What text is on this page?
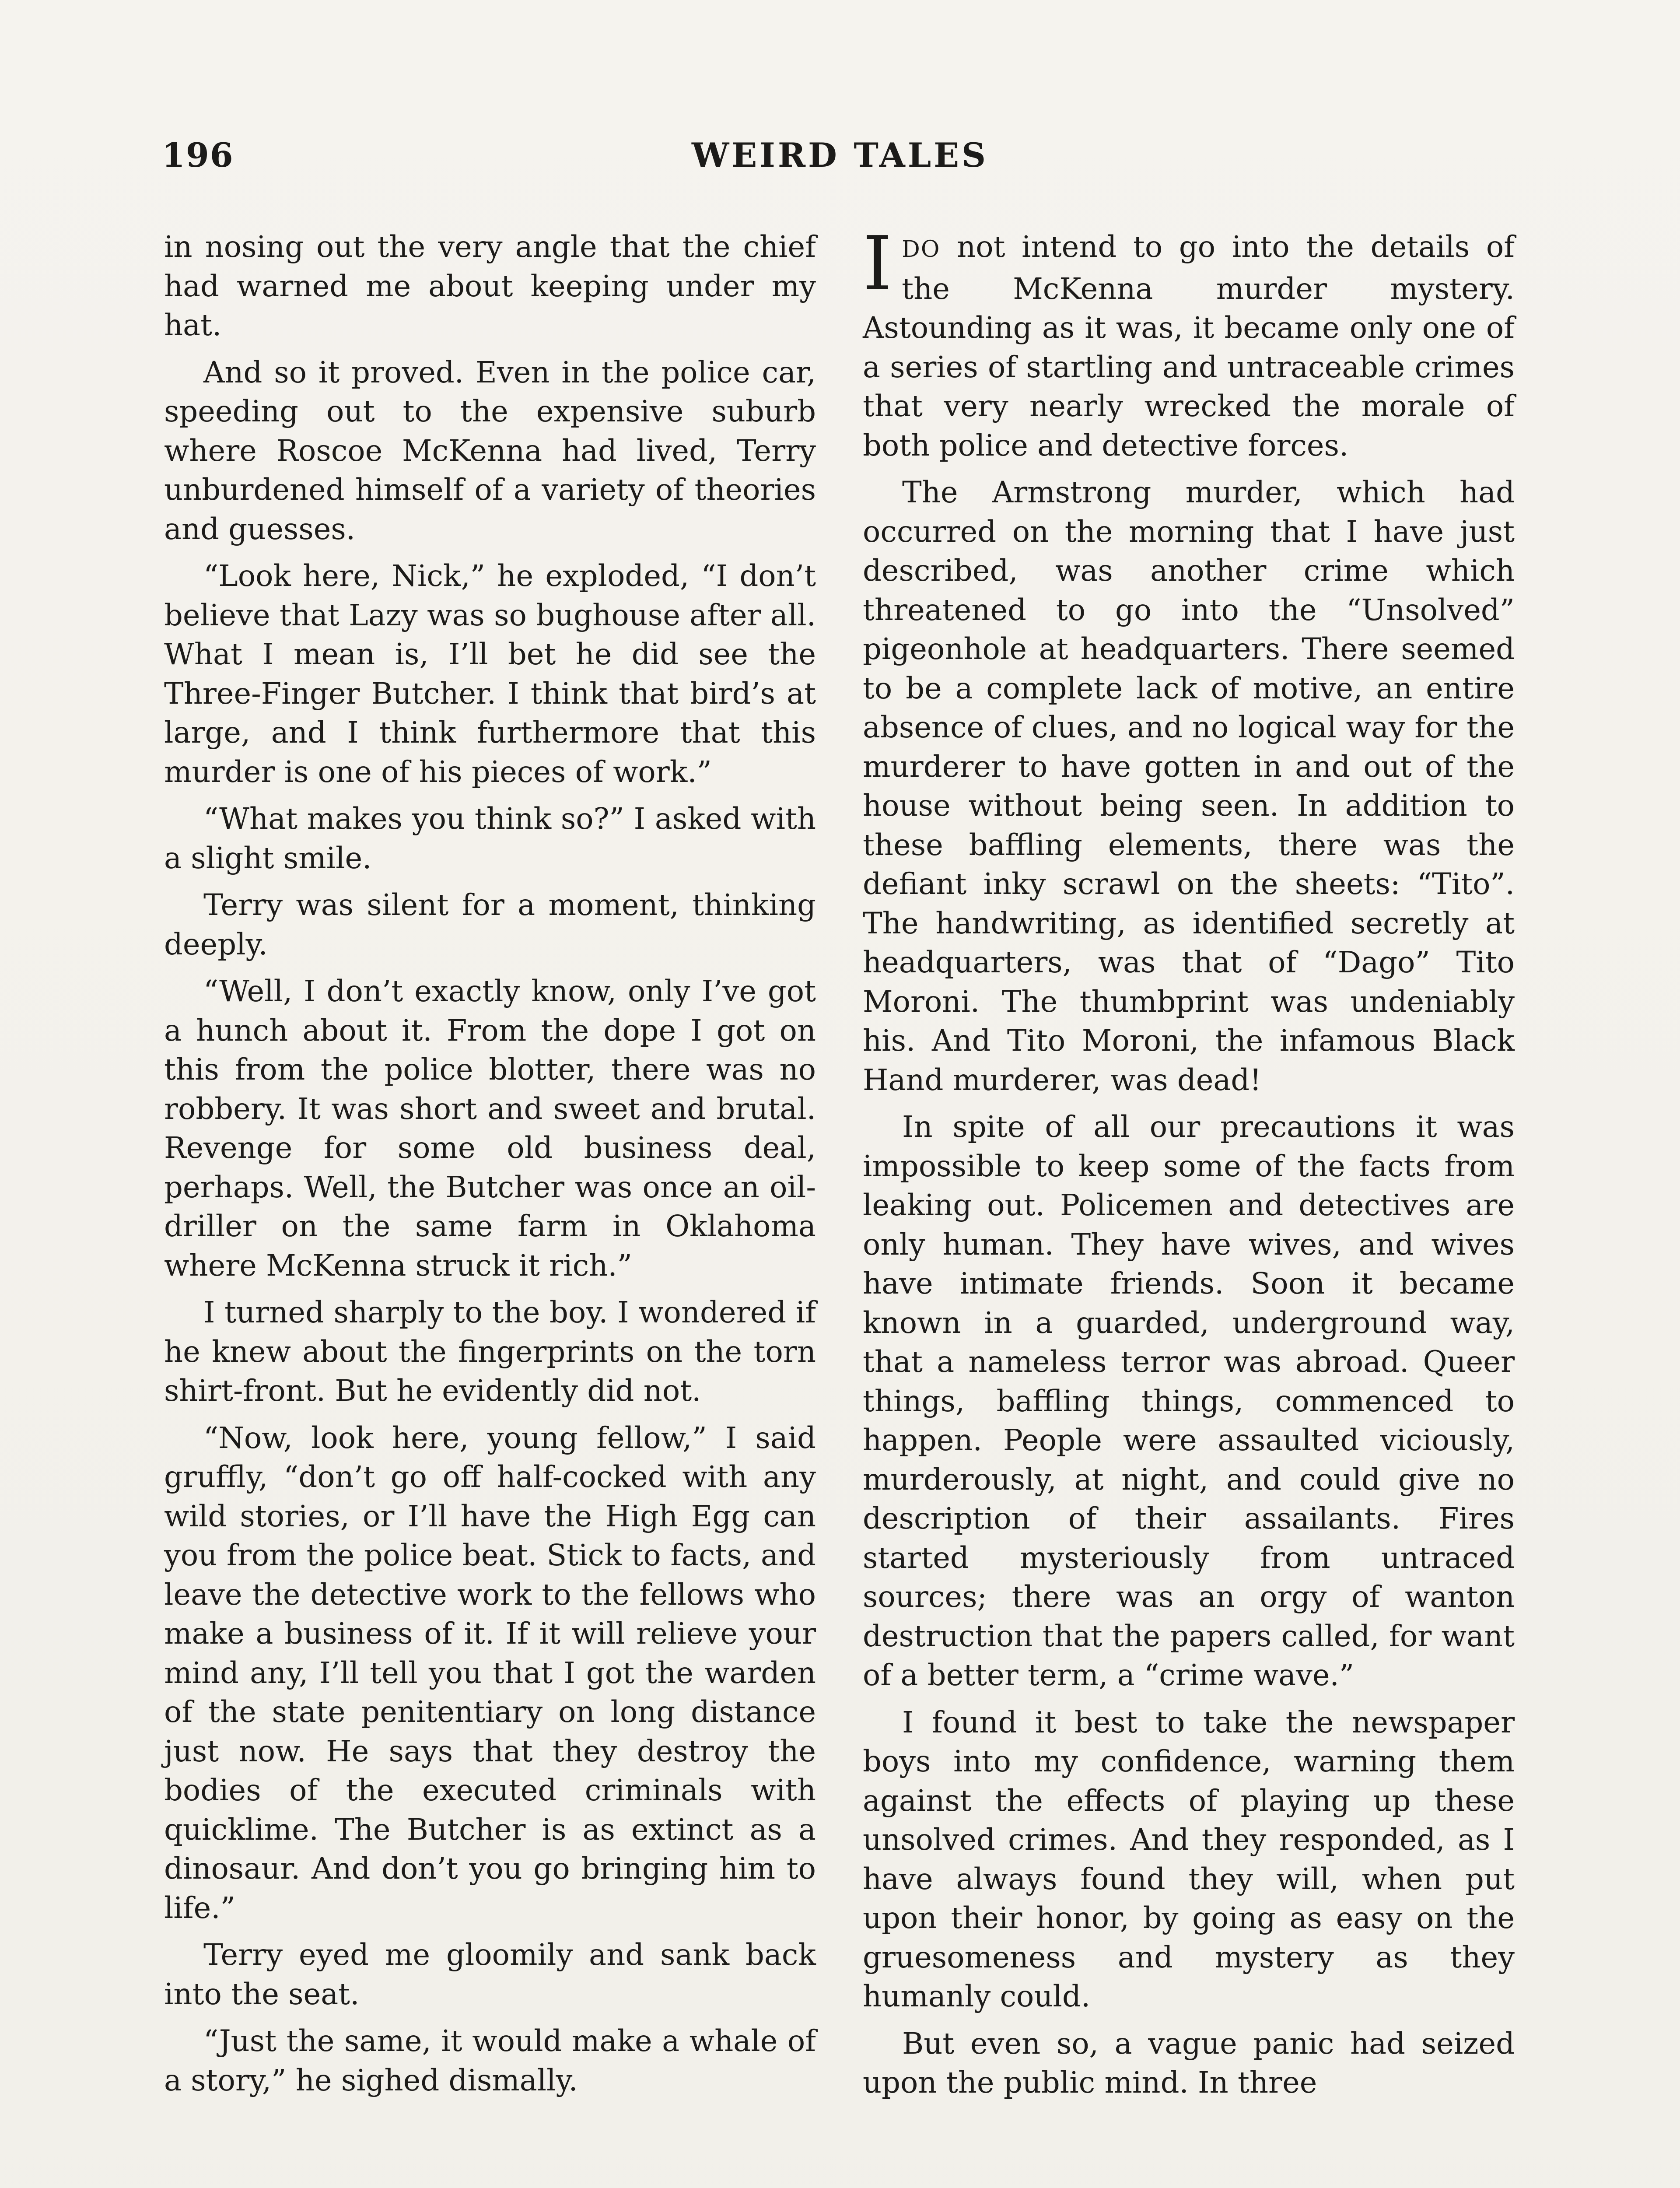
196	WEIRD TALES

in nosing out the very angle that the chief had warned me about keeping under my hat.

And so it proved. Even in the police car, speeding out to the expensive suburb where Roscoe McKenna had lived, Terry unburdened himself of a variety of theories and guesses.

“Look here, Nick,” he exploded, “I don’t believe that Lazy was so bughouse after all. What I mean is, I’ll bet he did see the Three-Finger Butcher. I think that bird’s at large, and I think furthermore that this murder is one of his pieces of work.”

“What makes you think so?” I asked with a slight smile.

Terry was silent for a moment, thinking deeply.

“Well, I don’t exactly know, only I’ve got a hunch about it. From the dope I got on this from the police blotter, there was no robbery. It was short and sweet and brutal. Revenge for some old business deal, perhaps. Well, the Butcher was once an oil-driller on the same farm in Oklahoma where McKenna struck it rich.”

I turned sharply to the boy. I wondered if he knew about the fingerprints on the torn shirt-front. But he evidently did not.

“Now, look here, young fellow,” I said gruffly, “don’t go off half-cocked with any wild stories, or I’ll have the High Egg can you from the police beat. Stick to facts, and leave the detective work to the fellows who make a business of it. If it will relieve your mind any, I’ll tell you that I got the warden of the state penitentiary on long distance just now. He says that they destroy the bodies of the executed criminals with quicklime. The Butcher is as extinct as a dinosaur. And don’t you go bringing him to life.”

Terry eyed me gloomily and sank back into the seat.

“Just the same, it would make a whale of a story,” he sighed dismally.

IDO not intend to go into the details of the McKenna murder mystery. Astounding as it was, it became only one of a series of startling and untraceable crimes that very nearly wrecked the morale of both police and detective forces.

The Armstrong murder, which had occurred on the morning that I have just described, was another crime which threatened to go into the “Unsolved” pigeonhole at headquarters. There seemed to be a complete lack of motive, an entire absence of clues, and no logical way for the murderer to have gotten in and out of the house without being seen. In addition to these baffling elements, there was the defiant inky scrawl on the sheets: “Tito”. The handwriting, as identified secretly at headquarters, was that of “Dago” Tito Moroni. The thumbprint was undeniably his. And Tito Moroni, the infamous Black Hand murderer, was dead!

In spite of all our precautions it was impossible to keep some of the facts from leaking out. Policemen and detectives are only human. They have wives, and wives have intimate friends. Soon it became known in a guarded, underground way, that a nameless terror was abroad. Queer things, baffling things, commenced to happen. People were assaulted viciously, murderously, at night, and could give no description of their assailants. Fires started mysteriously from untraced sources; there was an orgy of wanton destruction that the papers called, for want of a better term, a “crime wave.”

I found it best to take the newspaper boys into my confidence, warning them against the effects of playing up these unsolved crimes. And they responded, as I have always found they will, when put upon their honor, by going as easy on the gruesomeness and mystery as they humanly could.

But even so, a vague panic had seized upon the public mind. In three
